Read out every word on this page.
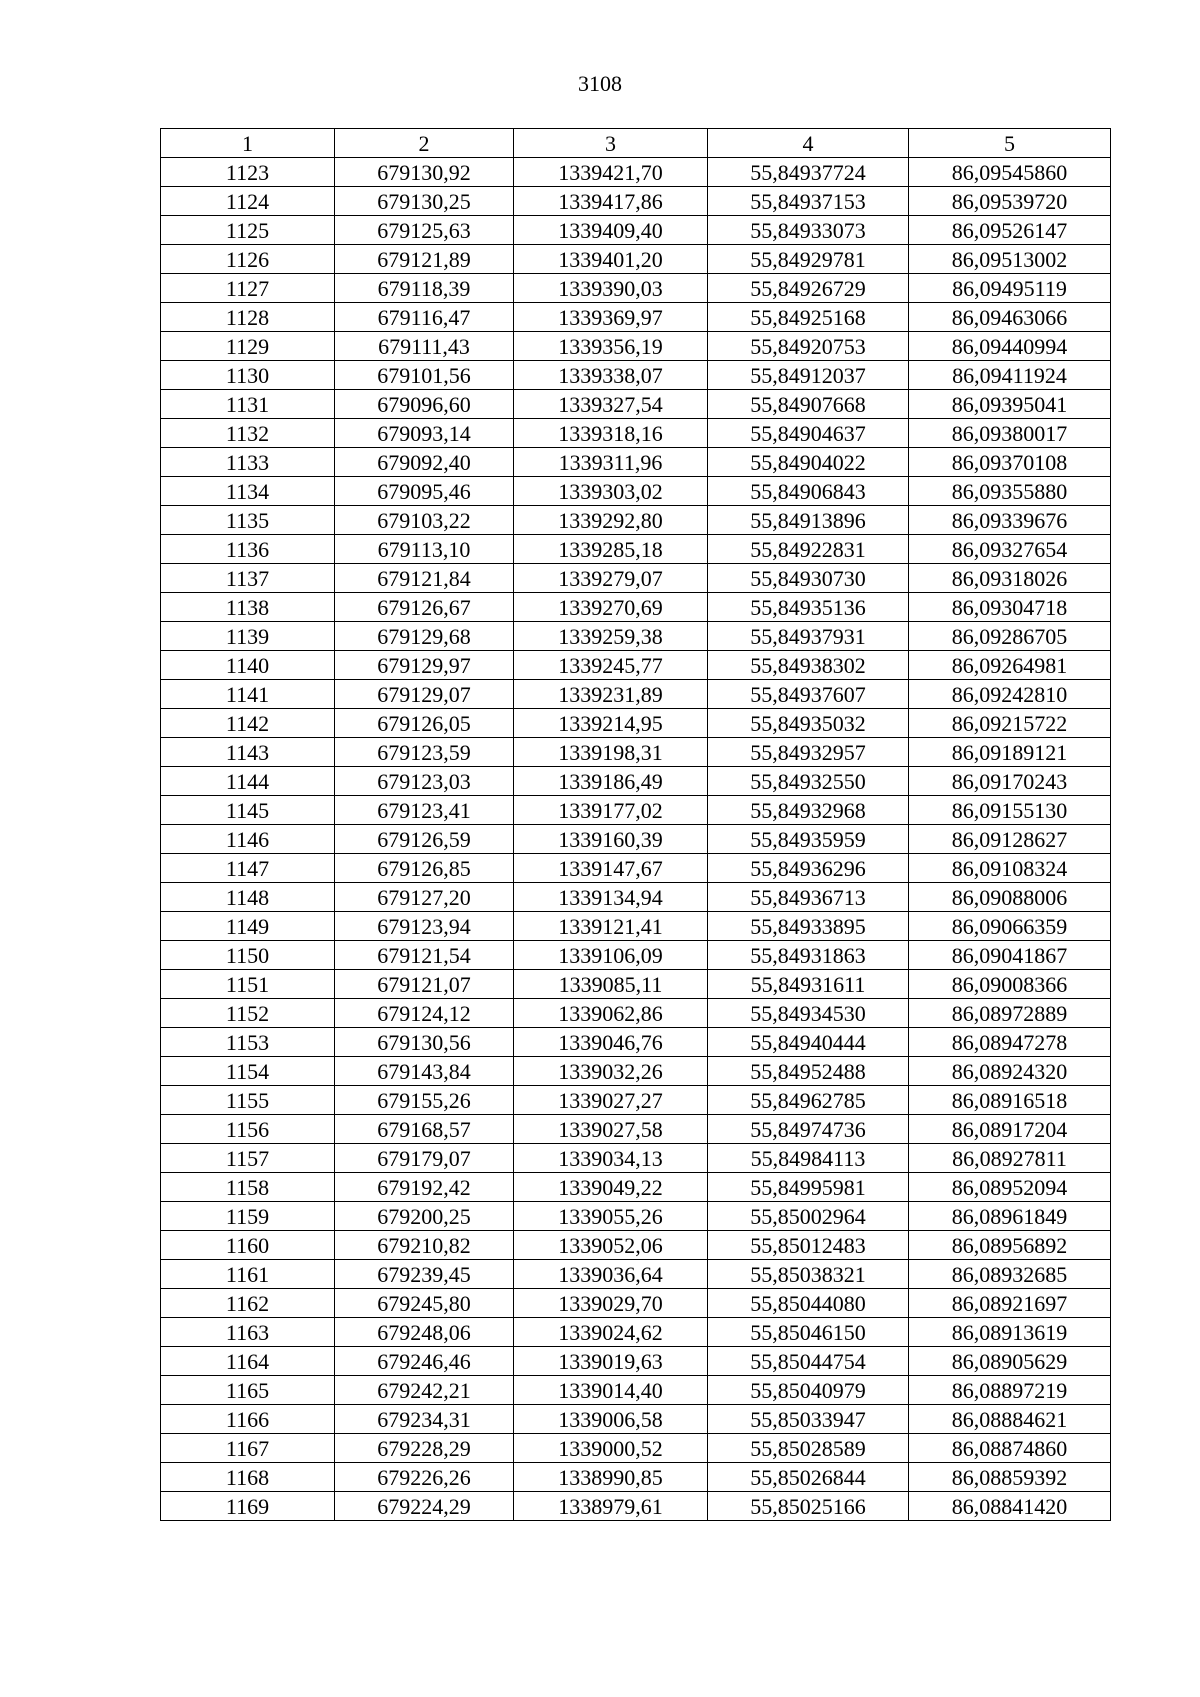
3108
1	2	3	4	5
1123	679130,92	1339421,70	55,84937724	86,09545860
1124	679130,25	1339417,86	55,84937153	86,09539720
1125	679125,63	1339409,40	55,84933073	86,09526147
1126	679121,89	1339401,20	55,84929781	86,09513002
1127	679118,39	1339390,03	55,84926729	86,09495119
1128	679116,47	1339369,97	55,84925168	86,09463066
1129	679111,43	1339356,19	55,84920753	86,09440994
1130	679101,56	1339338,07	55,84912037	86,09411924
1131	679096,60	1339327,54	55,84907668	86,09395041
1132	679093,14	1339318,16	55,84904637	86,09380017
1133	679092,40	1339311,96	55,84904022	86,09370108
1134	679095,46	1339303,02	55,84906843	86,09355880
1135	679103,22	1339292,80	55,84913896	86,09339676
1136	679113,10	1339285,18	55,84922831	86,09327654
1137	679121,84	1339279,07	55,84930730	86,09318026
1138	679126,67	1339270,69	55,84935136	86,09304718
1139	679129,68	1339259,38	55,84937931	86,09286705
1140	679129,97	1339245,77	55,84938302	86,09264981
1141	679129,07	1339231,89	55,84937607	86,09242810
1142	679126,05	1339214,95	55,84935032	86,09215722
1143	679123,59	1339198,31	55,84932957	86,09189121
1144	679123,03	1339186,49	55,84932550	86,09170243
1145	679123,41	1339177,02	55,84932968	86,09155130
1146	679126,59	1339160,39	55,84935959	86,09128627
1147	679126,85	1339147,67	55,84936296	86,09108324
1148	679127,20	1339134,94	55,84936713	86,09088006
1149	679123,94	1339121,41	55,84933895	86,09066359
1150	679121,54	1339106,09	55,84931863	86,09041867
1151	679121,07	1339085,11	55,84931611	86,09008366
1152	679124,12	1339062,86	55,84934530	86,08972889
1153	679130,56	1339046,76	55,84940444	86,08947278
1154	679143,84	1339032,26	55,84952488	86,08924320
1155	679155,26	1339027,27	55,84962785	86,08916518
1156	679168,57	1339027,58	55,84974736	86,08917204
1157	679179,07	1339034,13	55,84984113	86,08927811
1158	679192,42	1339049,22	55,84995981	86,08952094
1159	679200,25	1339055,26	55,85002964	86,08961849
1160	679210,82	1339052,06	55,85012483	86,08956892
1161	679239,45	1339036,64	55,85038321	86,08932685
1162	679245,80	1339029,70	55,85044080	86,08921697
1163	679248,06	1339024,62	55,85046150	86,08913619
1164	679246,46	1339019,63	55,85044754	86,08905629
1165	679242,21	1339014,40	55,85040979	86,08897219
1166	679234,31	1339006,58	55,85033947	86,08884621
1167	679228,29	1339000,52	55,85028589	86,08874860
1168	679226,26	1338990,85	55,85026844	86,08859392
1169	679224,29	1338979,61	55,85025166	86,08841420
